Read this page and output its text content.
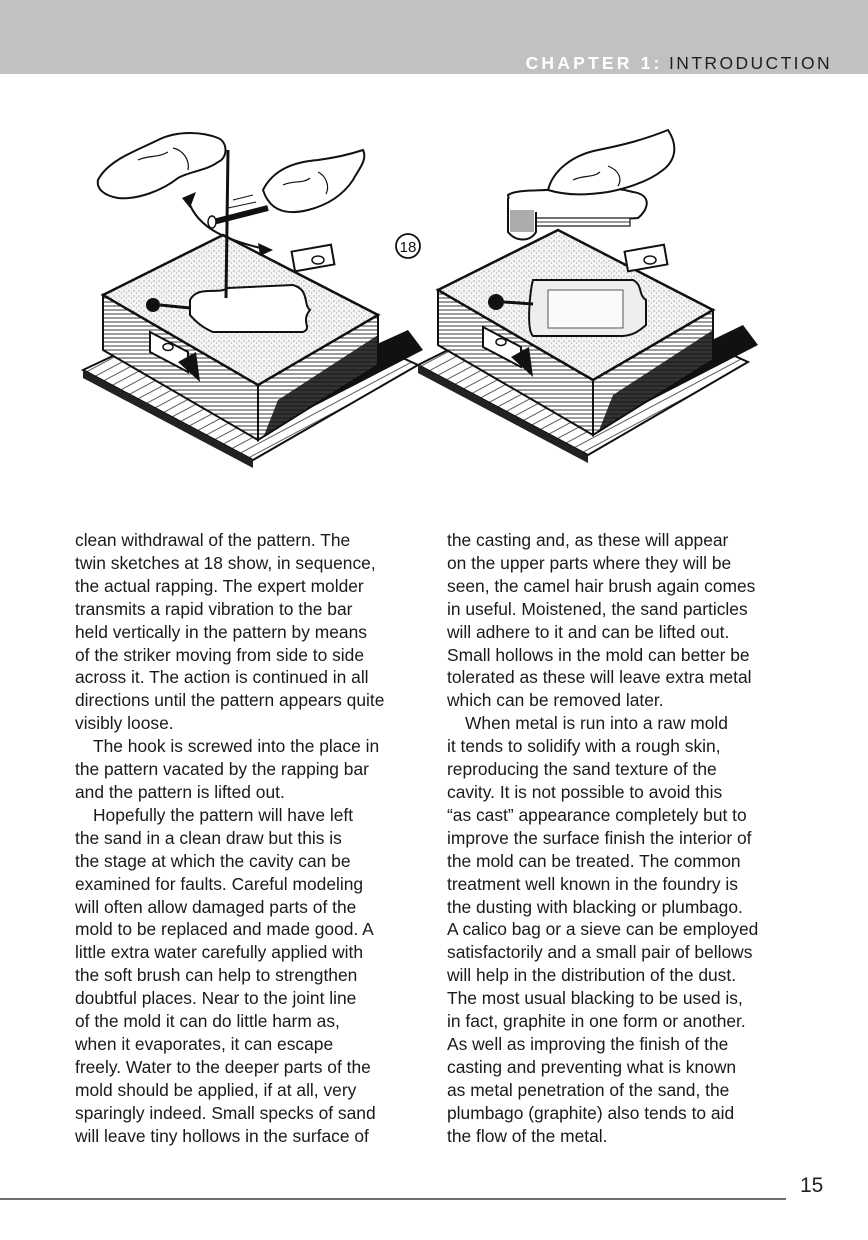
CHAPTER 1: INTRODUCTION
18
clean withdrawal of the pattern. The
twin sketches at 18 show, in sequence,
the actual rapping. The expert molder
transmits a rapid vibration to the bar
held vertically in the pattern by means
of the striker moving from side to side
across it. The action is continued in all
directions until the pattern appears quite
visibly loose.
The hook is screwed into the place in
the pattern vacated by the rapping bar
and the pattern is lifted out.
Hopefully the pattern will have left
the sand in a clean draw but this is
the stage at which the cavity can be
examined for faults. Careful modeling
will often allow damaged parts of the
mold to be replaced and made good. A
little extra water carefully applied with
the soft brush can help to strengthen
doubtful places. Near to the joint line
of the mold it can do little harm as,
when it evaporates, it can escape
freely. Water to the deeper parts of the
mold should be applied, if at all, very
sparingly indeed. Small specks of sand
will leave tiny hollows in the surface of
the casting and, as these will appear
on the upper parts where they will be
seen, the camel hair brush again comes
in useful. Moistened, the sand particles
will adhere to it and can be lifted out.
Small hollows in the mold can better be
tolerated as these will leave extra metal
which can be removed later.
When metal is run into a raw mold
it tends to solidify with a rough skin,
reproducing the sand texture of the
cavity. It is not possible to avoid this
“as cast” appearance completely but to
improve the surface finish the interior of
the mold can be treated. The common
treatment well known in the foundry is
the dusting with blacking or plumbago.
A calico bag or a sieve can be employed
satisfactorily and a small pair of bellows
will help in the distribution of the dust.
The most usual blacking to be used is,
in fact, graphite in one form or another.
As well as improving the finish of the
casting and preventing what is known
as metal penetration of the sand, the
plumbago (graphite) also tends to aid
the flow of the metal.
15
